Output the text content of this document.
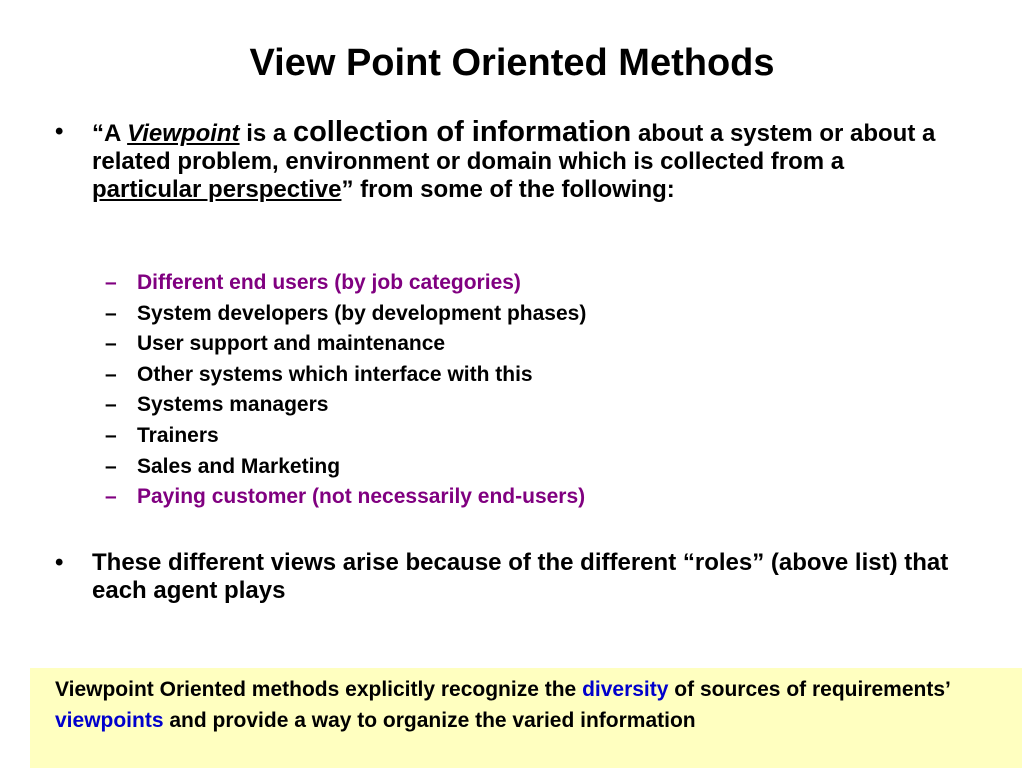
View Point Oriented Methods
• “A Viewpoint is a collection of information about a system or about a related problem, environment or domain which is collected from a particular perspective” from some of the following:
– Different end users (by job categories)
– System developers (by development phases)
– User support and maintenance
– Other systems which interface with this
– Systems managers
– Trainers
– Sales and Marketing
– Paying customer (not necessarily end-users)
• These different views arise because of the different “roles” (above list) that each agent plays
Viewpoint Oriented methods explicitly recognize the diversity of sources of requirements’ viewpoints and provide a way to organize the varied information
